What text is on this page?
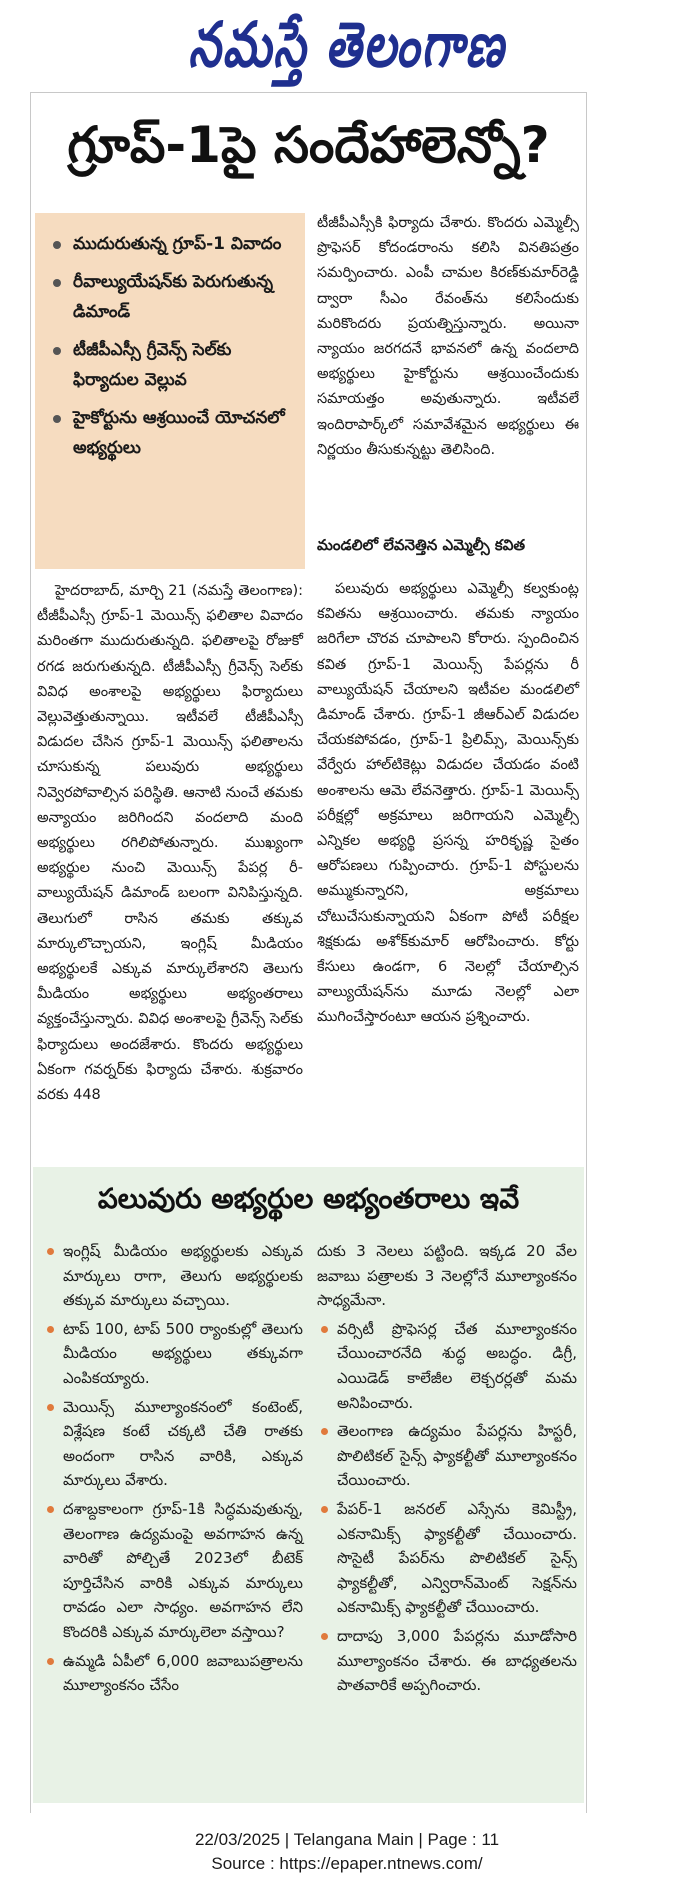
నమస్తే తెలంగాణ
గ్రూప్‌-1పై సందేహాలెన్నో?
ముదురుతున్న గ్రూప్‌-1 వివాదం
రీవాల్యుయేషన్‌కు పెరుగుతున్న డిమాండ్‌
టీజీపీఎస్సీ గ్రీవెన్స్‌ సెల్‌కు ఫిర్యాదుల వెల్లువ
హైకోర్టును ఆశ్రయించే యోచనలో అభ్యర్థులు

హైదరాబాద్‌, మార్చి 21 (నమస్తే తెలంగాణ): టీజీపీఎస్సీ గ్రూప్‌-1 మెయిన్స్‌ ఫలితాల వివాదం మరింతగా ముదురుతున్నది. ఫలితాలపై రోజుకో రగడ జరుగుతున్నది. టీజీపీఎస్సీ గ్రీవెన్స్‌ సెల్‌కు వివిధ అంశాలపై అభ్యర్థులు ఫిర్యాదులు వెల్లువెత్తుతున్నాయి. ఇటీవలే టీజీపీఎస్సీ విడుదల చేసిన గ్రూప్‌-1 మెయిన్స్‌ ఫలితాలను చూసుకున్న పలువురు అభ్యర్థులు నివ్వెరపోవాల్సిన పరిస్థితి. ఆనాటి నుంచే తమకు అన్యాయం జరిగిందని వందలాది మంది అభ్యర్థులు రగిలిపోతున్నారు. ముఖ్యంగా అభ్యర్థుల నుంచి మెయిన్స్‌ పేపర్ల రీ-వాల్యుయేషన్‌ డిమాండ్‌ బలంగా వినిపిస్తున్నది. తెలుగులో రాసిన తమకు తక్కువ మార్కులొచ్చాయని, ఇంగ్లిష్‌ మీడియం అభ్యర్థులకే ఎక్కువ మార్కులేశారని తెలుగు మీడియం అభ్యర్థులు అభ్యంతరాలు వ్యక్తంచేస్తున్నారు. వివిధ అంశాలపై గ్రీవెన్స్‌ సెల్‌కు ఫిర్యాదులు అందజేశారు. కొందరు అభ్యర్థులు ఏకంగా గవర్నర్‌కు ఫిర్యాదు చేశారు. శుక్రవారం వరకు 448

టీజీపీఎస్సీకి ఫిర్యాదు చేశారు. కొందరు ఎమ్మెల్సీ ప్రొఫెసర్‌ కోదండరాంను కలిసి వినతిపత్రం సమర్పించారు. ఎంపీ చామల కిరణ్‌కుమార్‌రెడ్డి ద్వారా సీఎం రేవంత్‌ను కలిసేందుకు మరికొందరు ప్రయత్నిస్తున్నారు. అయినా న్యాయం జరగదనే భావనలో ఉన్న వందలాది అభ్యర్థులు హైకోర్టును ఆశ్రయించేందుకు సమాయత్తం అవుతున్నారు. ఇటీవలే ఇందిరాపార్క్‌లో సమావేశమైన అభ్యర్థులు ఈ నిర్ణయం తీసుకున్నట్టు తెలిసింది.

మండలిలో లేవనెత్తిన ఎమ్మెల్సీ కవిత

పలువురు అభ్యర్థులు ఎమ్మెల్సీ కల్వకుంట్ల కవితను ఆశ్రయించారు. తమకు న్యాయం జరిగేలా చొరవ చూపాలని కోరారు. స్పందించిన కవిత గ్రూప్‌-1 మెయిన్స్‌ పేపర్లను రీ వాల్యుయేషన్‌ చేయాలని ఇటీవల మండలిలో డిమాండ్‌ చేశారు. గ్రూప్‌-1 జీఆర్‌ఎల్‌ విడుదల చేయకపోవడం, గ్రూప్‌-1 ప్రిలిమ్స్‌, మెయిన్స్‌కు వేర్వేరు హాల్‌టికెట్లు విడుదల చేయడం వంటి అంశాలను ఆమె లేవనెత్తారు. గ్రూప్‌-1 మెయిన్స్‌ పరీక్షల్లో అక్రమాలు జరిగాయని ఎమ్మెల్సీ ఎన్నికల అభ్యర్థి ప్రసన్న హరికృష్ణ సైతం ఆరోపణలు గుప్పించారు. గ్రూప్‌-1 పోస్టులను అమ్ముకున్నారని, అక్రమాలు చోటుచేసుకున్నాయని ఏకంగా పోటీ పరీక్షల శిక్షకుడు అశోక్‌కుమార్‌ ఆరోపించారు. కోర్టు కేసులు ఉండగా, 6 నెలల్లో చేయాల్సిన వాల్యుయేషన్‌ను మూడు నెలల్లో ఎలా ముగించేస్తారంటూ ఆయన ప్రశ్నించారు.

పలువురు అభ్యర్థుల అభ్యంతరాలు ఇవే
ఇంగ్లిష్‌ మీడియం అభ్యర్థులకు ఎక్కువ మార్కులు రాగా, తెలుగు అభ్యర్థులకు తక్కువ మార్కులు వచ్చాయి.
టాప్‌ 100, టాప్‌ 500 ర్యాంకుల్లో తెలుగు మీడియం అభ్యర్థులు తక్కువగా ఎంపికయ్యారు.
మెయిన్స్‌ మూల్యాంకనంలో కంటెంట్‌, విశ్లేషణ కంటే చక్కటి చేతి రాతకు అందంగా రాసిన వారికి, ఎక్కువ మార్కులు వేశారు.
దశాబ్దకాలంగా గ్రూప్‌-1కి సిద్ధమవుతున్న, తెలంగాణ ఉద్యమంపై అవగాహన ఉన్న వారితో పోల్చితే 2023లో బీటెక్‌ పూర్తిచేసిన వారికి ఎక్కువ మార్కులు రావడం ఎలా సాధ్యం. అవగాహన లేని కొందరికి ఎక్కువ మార్కులెలా వస్తాయి?
ఉమ్మడి ఏపీలో 6,000 జవాబుపత్రాలను మూల్యాంకనం చేసేం
దుకు 3 నెలలు పట్టింది. ఇక్కడ 20 వేల జవాబు పత్రాలకు 3 నెలల్లోనే మూల్యాంకనం సాధ్యమేనా.
వర్సిటీ ప్రొఫెసర్ల చేత మూల్యాంకనం చేయించారనేది శుద్ధ అబద్ధం. డిగ్రీ, ఎయిడెడ్‌ కాలేజీల లెక్చరర్లతో మమ అనిపించారు.
తెలంగాణ ఉద్యమం పేపర్లను హిస్టరీ, పొలిటికల్‌ సైన్స్‌ ఫ్యాకల్టీతో మూల్యాంకనం చేయించారు.
పేపర్‌-1 జనరల్‌ ఎస్సేను కెమిస్ట్రీ, ఎకనామిక్స్‌ ఫ్యాకల్టీతో చేయించారు. సొసైటీ పేపర్‌ను పొలిటికల్‌ సైన్స్‌ ఫ్యాకల్టీతో, ఎన్విరాన్‌మెంట్‌ సెక్షన్‌ను ఎకనామిక్స్‌ ఫ్యాకల్టీతో చేయించారు.
దాదాపు 3,000 పేపర్లను మూడోసారి మూల్యాంకనం చేశారు. ఈ బాధ్యతలను పాతవారికే అప్పగించారు.
22/03/2025 | Telangana Main | Page : 11
Source : https://epaper.ntnews.com/
